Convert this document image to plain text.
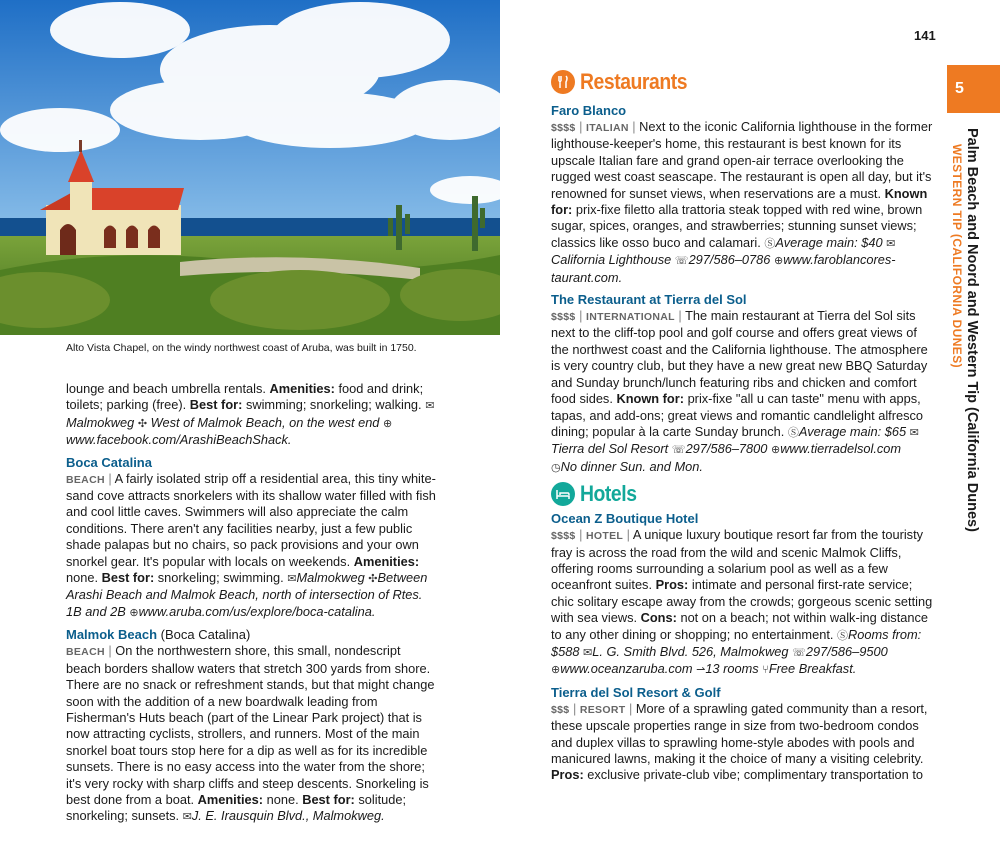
Alto Vista Chapel, on the windy northwest coast of Aruba, was built in 1750.

lounge and beach umbrella rentals. Amenities: food and drink; toilets; parking (free). Best for: swimming; snorkeling; walking. ✉ Malmokweg ✣ West of Malmok Beach, on the west end ⊕ www.facebook.com/ArashiBeachShack.

Boca Catalina

BEACH | A fairly isolated strip off a residential area, this tiny white-sand cove attracts snorkelers with its shallow water filled with fish and cool little caves. Swimmers will also appreciate the calm conditions. There aren't any facilities nearby, just a few public shade palapas but no chairs, so pack provisions and your own snorkel gear. It's popular with locals on weekends. Amenities: none. Best for: snorkeling; swimming. ✉Malmokweg ✣Between Arashi Beach and Malmok Beach, north of intersection of Rtes. 1B and 2B ⊕www.aruba.com/us/explore/boca-catalina.

Malmok Beach (Boca Catalina)

BEACH | On the northwestern shore, this small, nondescript beach borders shallow waters that stretch 300 yards from shore. There are no snack or refreshment stands, but that might change soon with the addition of a new boardwalk leading from Fisherman's Huts beach (part of the Linear Park project) that is now attracting cyclists, strollers, and runners. Most of the main snorkel boat tours stop here for a dip as well as for its incredible sunsets. There is no easy access into the water from the shore; it's very rocky with sharp cliffs and steep descents. Snorkeling is best done from a boat. Amenities: none. Best for: solitude; snorkeling; sunsets. ✉J. E. Irausquin Blvd., Malmokweg.

Restaurants
Faro Blanco

$$$$ | ITALIAN | Next to the iconic California lighthouse in the former lighthouse-keeper's home, this restaurant is best known for its upscale Italian fare and grand open-air terrace overlooking the rugged west coast seascape. The restaurant is open all day, but it's renowned for sunset views, when reservations are a must. Known for: prix-fixe filetto alla trattoria steak topped with red wine, brown sugar, spices, oranges, and strawberries; stunning sunset views; classics like osso buco and calamari. ⓈAverage main: $40 ✉California Lighthouse ☏297/586–0786 ⊕www.faroblancores-taurant.com.

The Restaurant at Tierra del Sol

$$$$ | INTERNATIONAL | The main restaurant at Tierra del Sol sits next to the cliff-top pool and golf course and offers great views of the northwest coast and the California lighthouse. The atmosphere is very country club, but they have a new great new BBQ Saturday and Sunday brunch/lunch featuring ribs and chicken and comfort food sides. Known for: prix-fixe "all u can taste" menu with apps, tapas, and add-ons; great views and romantic candlelight alfresco dining; popular à la carte Sunday brunch. ⓈAverage main: $65 ✉Tierra del Sol Resort ☏297/586–7800 ⊕www.tierradelsol.com
◷No dinner Sun. and Mon.

Hotels
Ocean Z Boutique Hotel

$$$$ | HOTEL | A unique luxury boutique resort far from the touristy fray is across the road from the wild and scenic Malmok Cliffs, offering rooms surrounding a solarium pool as well as a few oceanfront suites. Pros: intimate and personal first-rate service; chic solitary escape away from the crowds; gorgeous scenic setting with sea views. Cons: not on a beach; not within walk-ing distance to any other dining or shopping; no entertainment. ⓈRooms from: $588 ✉L. G. Smith Blvd. 526, Malmokweg ☏297/586–9500 ⊕www.oceanzaruba.com ⇀13 rooms ⑂Free Breakfast.

Tierra del Sol Resort & Golf

$$$ | RESORT | More of a sprawling gated community than a resort, these upscale properties range in size from two-bedroom condos and duplex villas to sprawling home-style abodes with pools and manicured lawns, making it the choice of many a visiting celebrity. Pros: exclusive private-club vibe; complimentary transportation to

141
5
Palm Beach and Noord and Western Tip (California Dunes)
WESTERN TIP (CALIFORNIA DUNES)
